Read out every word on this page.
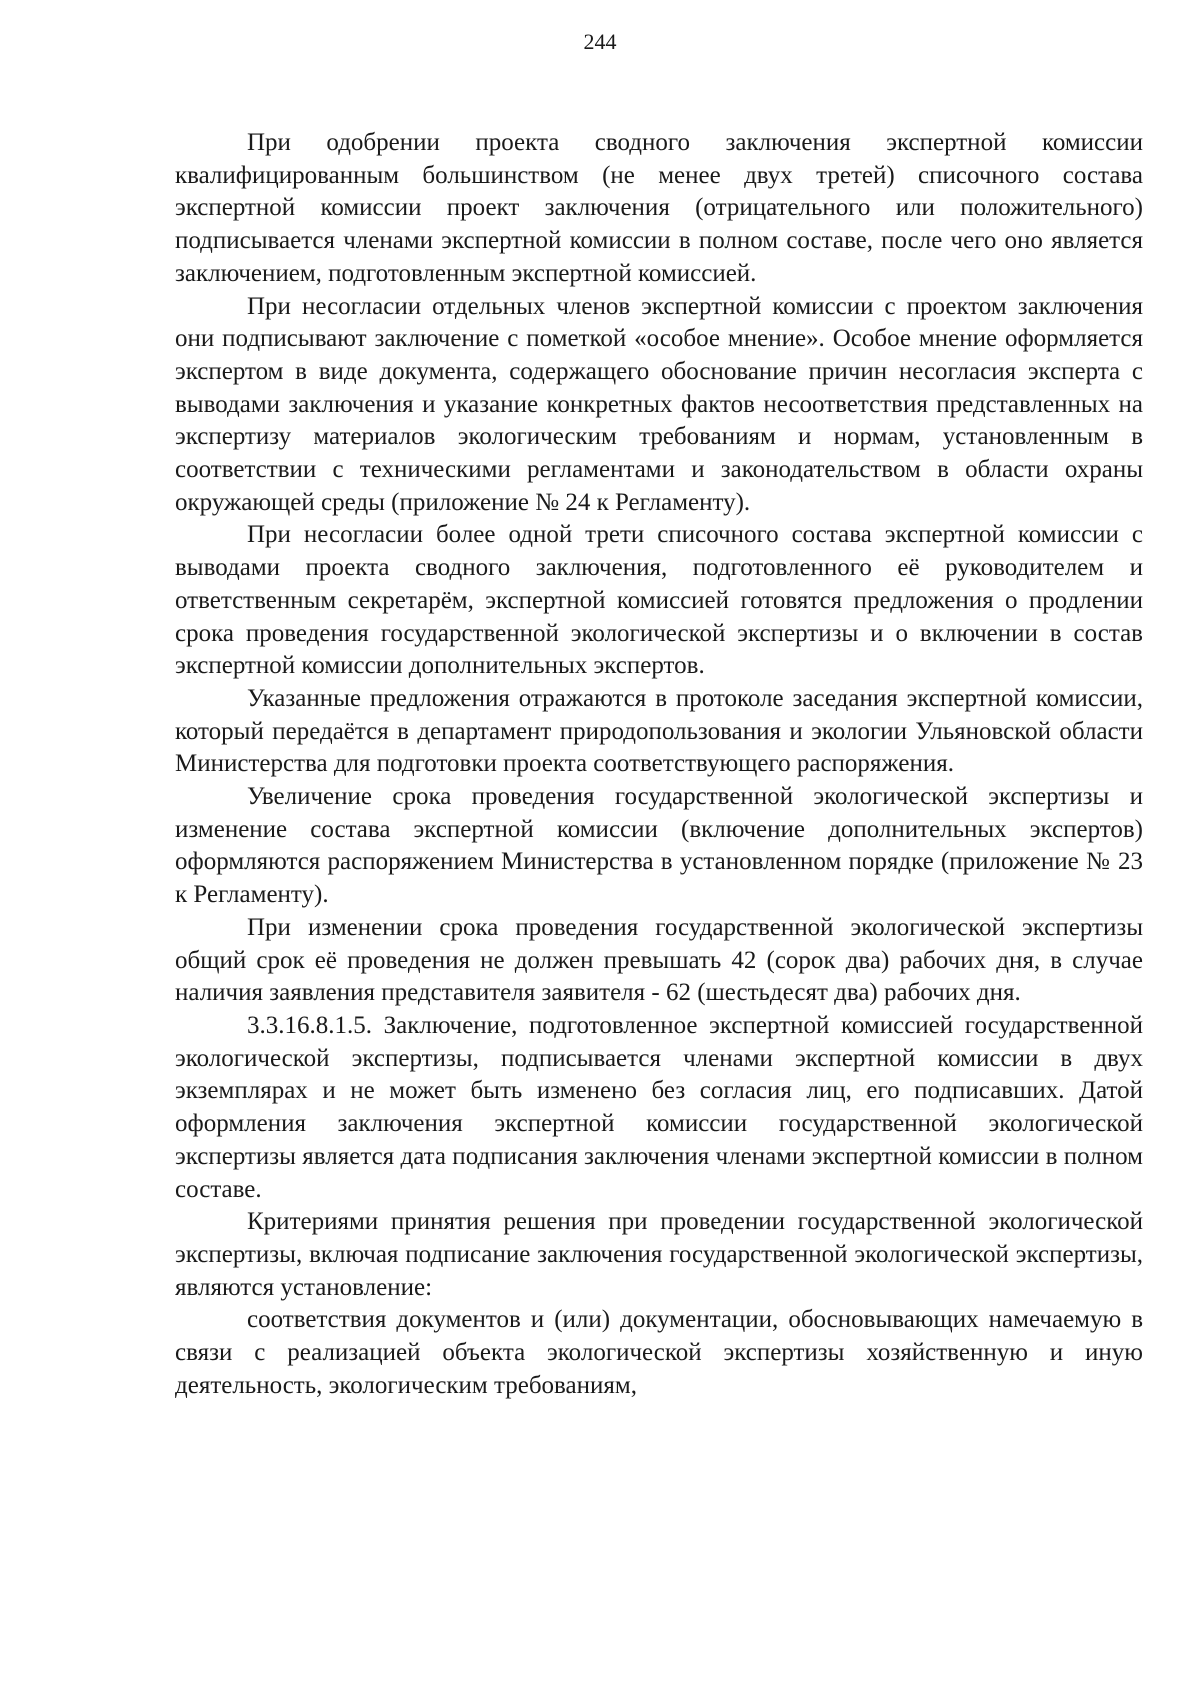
244

При одобрении проекта сводного заключения экспертной комиссии квалифицированным большинством (не менее двух третей) списочного состава экспертной комиссии проект заключения (отрицательного или положительного) подписывается членами экспертной комиссии в полном составе, после чего оно является заключением, подготовленным экспертной комиссией.

При несогласии отдельных членов экспертной комиссии с проектом заключения они подписывают заключение с пометкой «особое мнение». Особое мнение оформляется экспертом в виде документа, содержащего обоснование причин несогласия эксперта с выводами заключения и указание конкретных фактов несоответствия представленных на экспертизу материалов экологическим требованиям и нормам, установленным в соответствии с техническими регламентами и законодательством в области охраны окружающей среды (приложение № 24 к Регламенту).

При несогласии более одной трети списочного состава экспертной комиссии с выводами проекта сводного заключения, подготовленного её руководителем и ответственным секретарём, экспертной комиссией готовятся предложения о продлении срока проведения государственной экологической экспертизы и о включении в состав экспертной комиссии дополнительных экспертов.

Указанные предложения отражаются в протоколе заседания экспертной комиссии, который передаётся в департамент природопользования и экологии Ульяновской области Министерства для подготовки проекта соответствующего распоряжения.

Увеличение срока проведения государственной экологической экспертизы и изменение состава экспертной комиссии (включение дополнительных экспертов) оформляются распоряжением Министерства в установленном порядке (приложение № 23 к Регламенту).

При изменении срока проведения государственной экологической экспертизы общий срок её проведения не должен превышать 42 (сорок два) рабочих дня, в случае наличия заявления представителя заявителя - 62 (шестьдесят два) рабочих дня.

3.3.16.8.1.5. Заключение, подготовленное экспертной комиссией государственной экологической экспертизы, подписывается членами экспертной комиссии в двух экземплярах и не может быть изменено без согласия лиц, его подписавших. Датой оформления заключения экспертной комиссии государственной экологической экспертизы является дата подписания заключения членами экспертной комиссии в полном составе.

Критериями принятия решения при проведении государственной экологической экспертизы, включая подписание заключения государственной экологической экспертизы, являются установление:

соответствия документов и (или) документации, обосновывающих намечаемую в связи с реализацией объекта экологической экспертизы хозяйственную и иную деятельность, экологическим требованиям,
